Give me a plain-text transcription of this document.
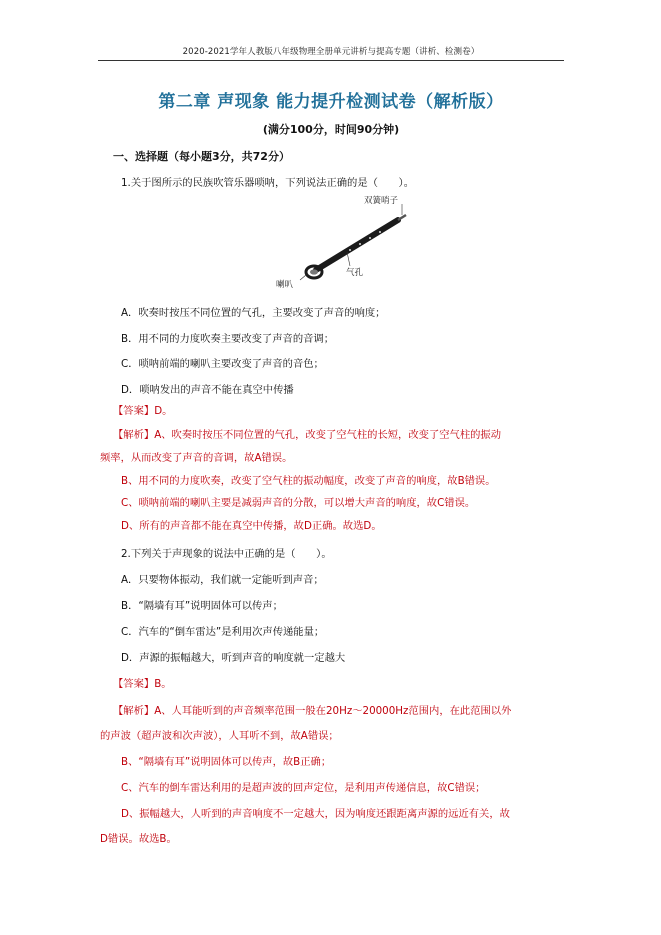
2020-2021学年人教版八年级物理全册单元讲析与提高专题（讲析、检测卷）
第二章 声现象 能力提升检测试卷（解析版）
(满分100分，时间90分钟)
一、选择题（每小题3分，共72分）
1.关于图所示的民族吹管乐器唢呐，下列说法正确的是（　　）。
双簧哨子
气孔
喇叭
A．吹奏时按压不同位置的气孔，主要改变了声音的响度；
B．用不同的力度吹奏主要改变了声音的音调；
C．唢呐前端的喇叭主要改变了声音的音色；
D．唢呐发出的声音不能在真空中传播
【答案】D。
【解析】A、吹奏时按压不同位置的气孔，改变了空气柱的长短，改变了空气柱的振动
频率，从而改变了声音的音调，故A错误。
B、用不同的力度吹奏，改变了空气柱的振动幅度，改变了声音的响度，故B错误。
C、唢呐前端的喇叭主要是减弱声音的分散，可以增大声音的响度，故C错误。
D、所有的声音都不能在真空中传播，故D正确。故选D。
2.下列关于声现象的说法中正确的是（　　）。
A．只要物体振动，我们就一定能听到声音；
B．“隔墙有耳”说明固体可以传声；
C．汽车的“倒车雷达”是利用次声传递能量；
D．声源的振幅越大，听到声音的响度就一定越大
【答案】B。
【解析】A、人耳能听到的声音频率范围一般在20Hz～20000Hz范围内，在此范围以外
的声波（超声波和次声波），人耳听不到，故A错误；
B、“隔墙有耳”说明固体可以传声，故B正确；
C、汽车的倒车雷达利用的是超声波的回声定位，是利用声传递信息，故C错误；
D、振幅越大，人听到的声音响度不一定越大，因为响度还跟距离声源的远近有关，故
D错误。故选B。
